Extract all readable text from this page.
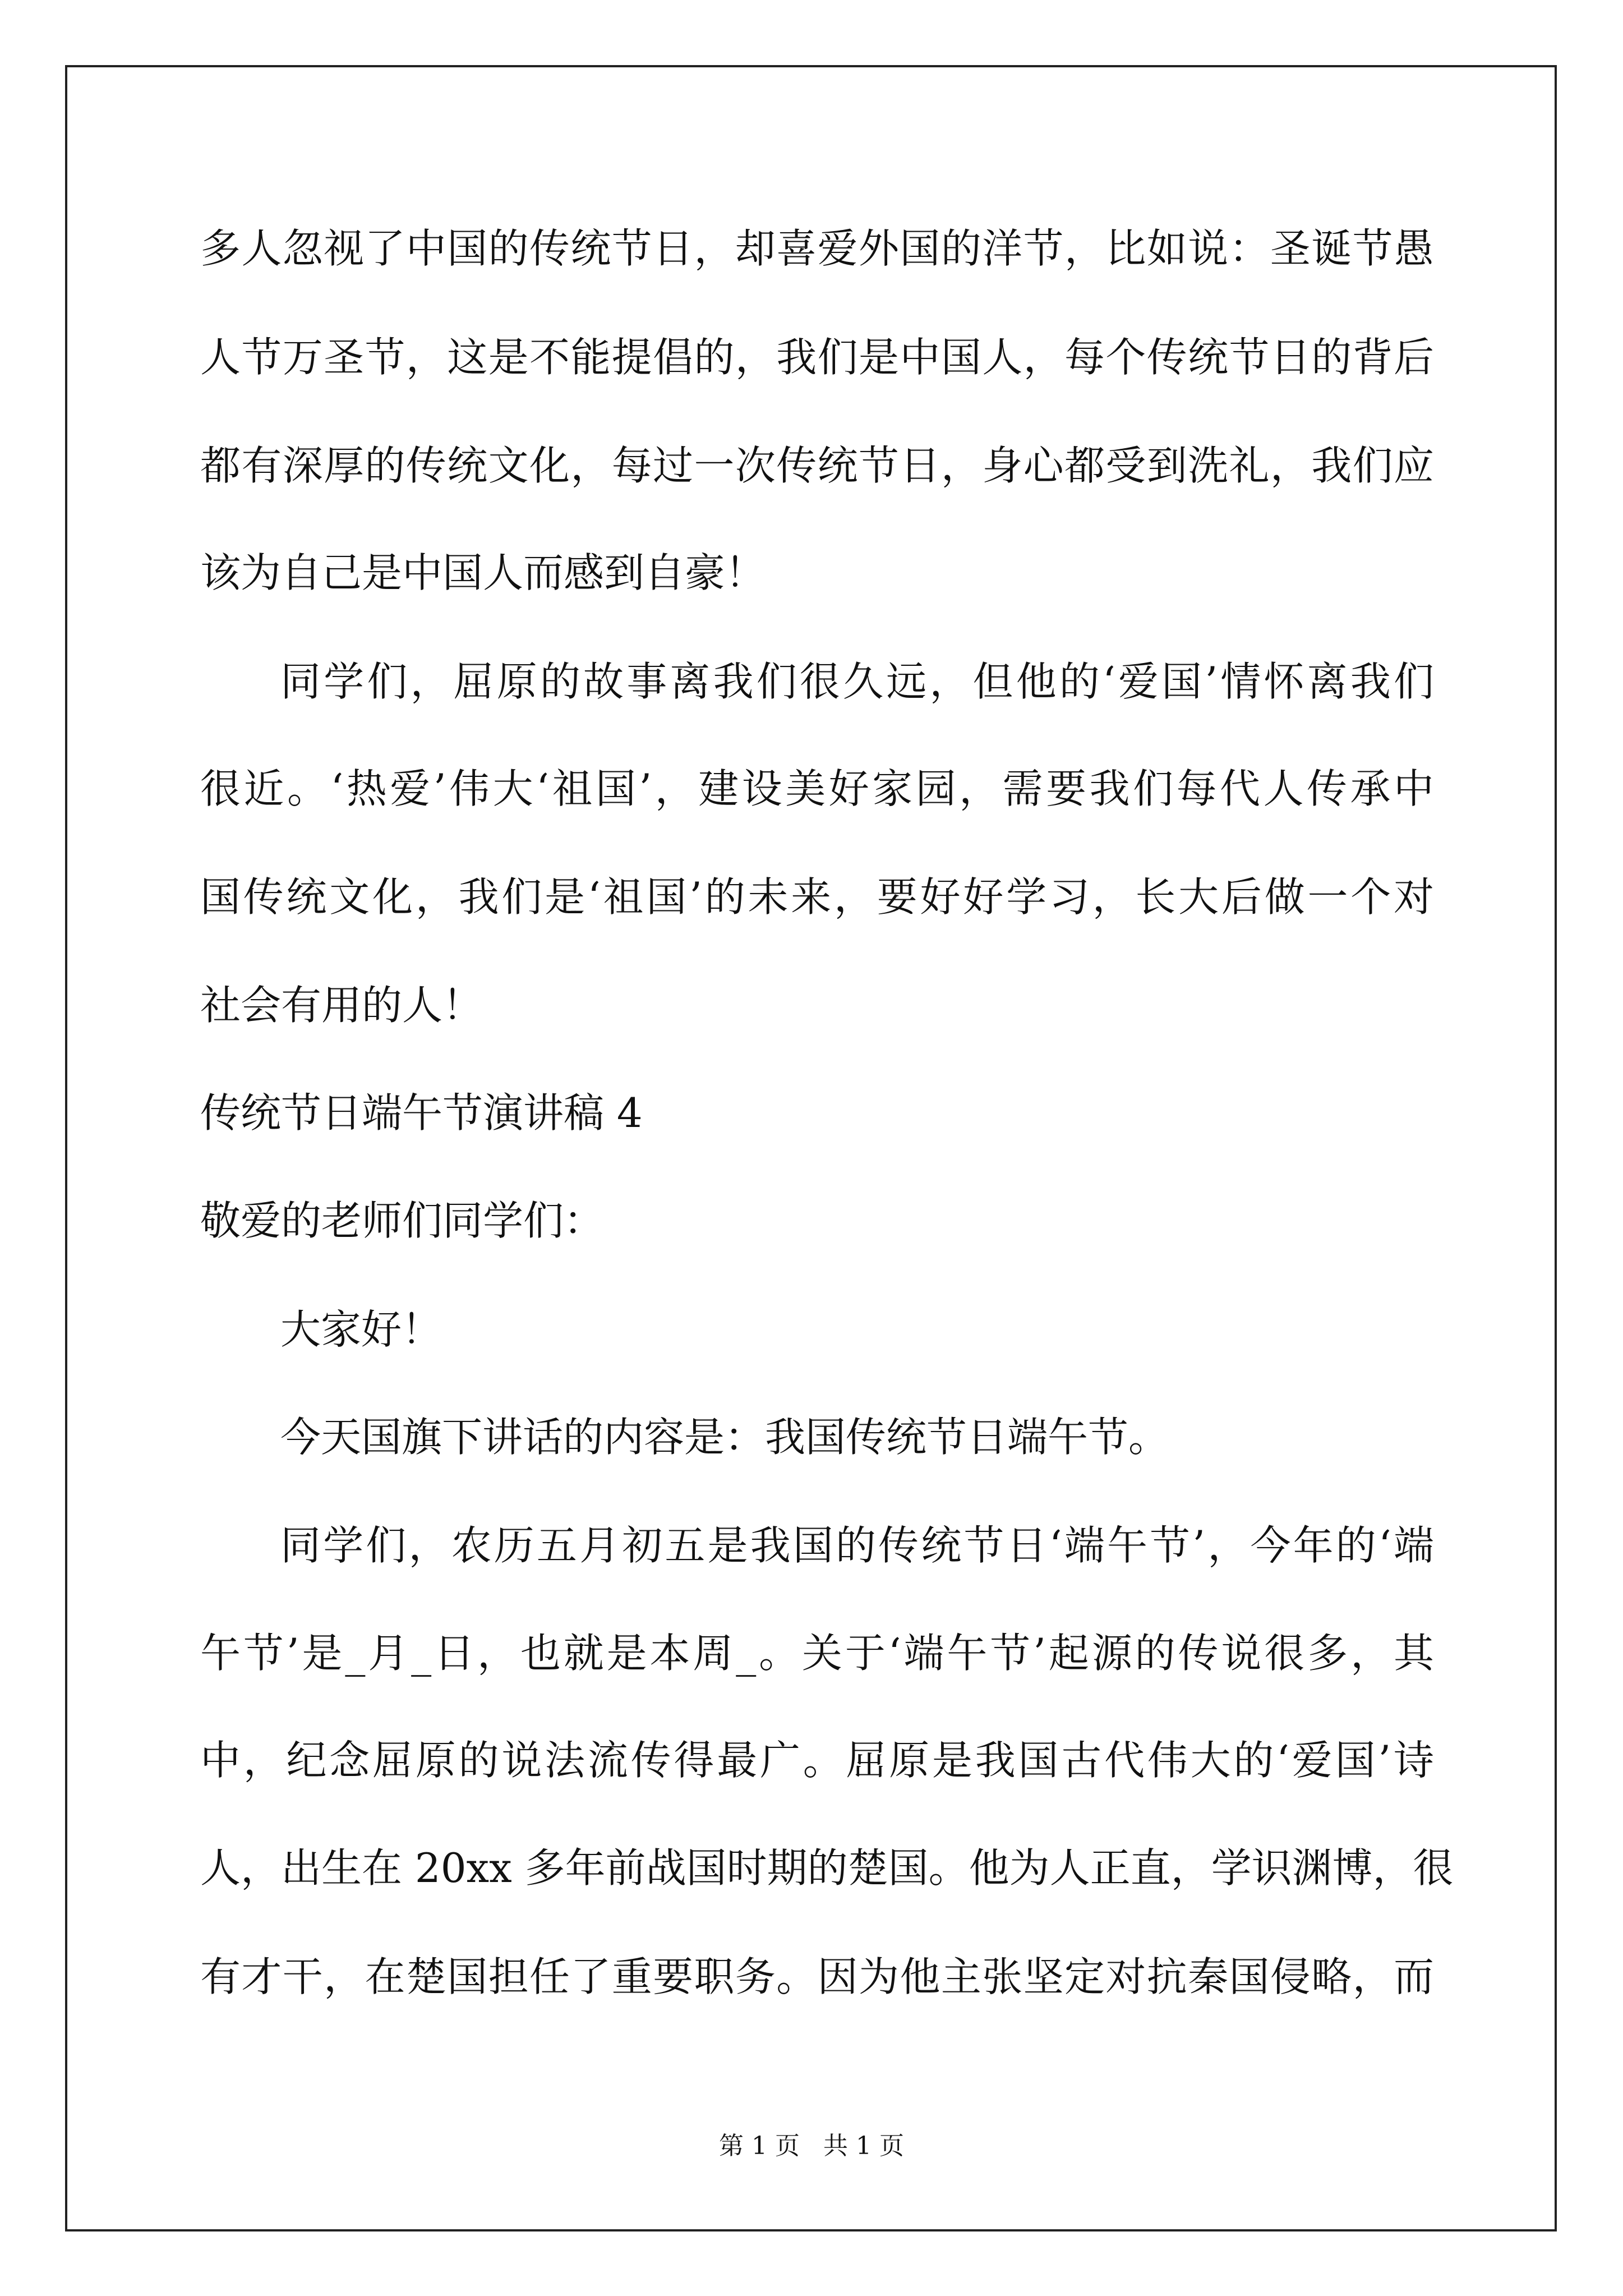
多人忽视了中国的传统节日，却喜爱外国的洋节，比如说：圣诞节愚
人节万圣节，这是不能提倡的，我们是中国人，每个传统节日的背后
都有深厚的传统文化，每过一次传统节日，身心都受到洗礼，我们应
该为自己是中国人而感到自豪！
同学们，屈原的故事离我们很久远，但他的‘爱国’情怀离我们
很近。‘热爱’伟大‘祖国’，建设美好家园，需要我们每代人传承中
国传统文化，我们是‘祖国’的未来，要好好学习，长大后做一个对
社会有用的人！
传统节日端午节演讲稿 4
敬爱的老师们同学们：
大家好！
今天国旗下讲话的内容是：我国传统节日端午节。
同学们，农历五月初五是我国的传统节日‘端午节’，今年的‘端
午节’是_月_日，也就是本周_。关于‘端午节’起源的传说很多，其
中，纪念屈原的说法流传得最广。屈原是我国古代伟大的‘爱国’诗
人，出生在 20xx 多年前战国时期的楚国。他为人正直，学识渊博，很
有才干，在楚国担任了重要职务。因为他主张坚定对抗秦国侵略，而
第 1 页   共 1 页
